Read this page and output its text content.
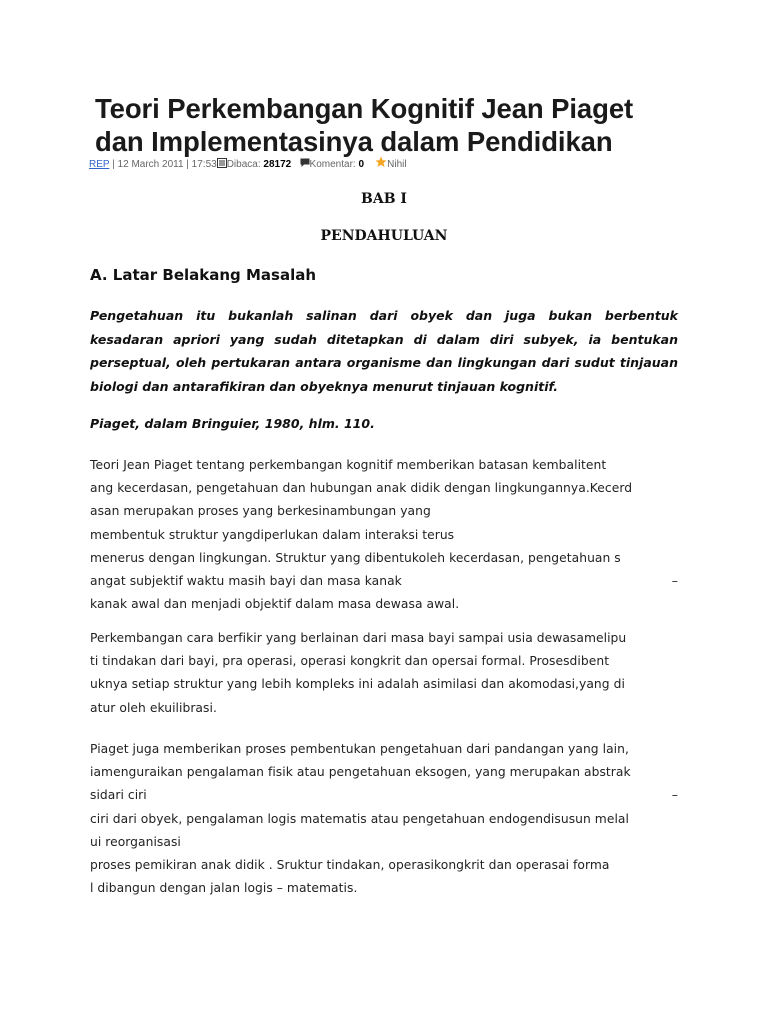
Teori Perkembangan Kognitif Jean Piaget
dan Implementasinya dalam Pendidikan
REP | 12 March 2011 | 17:53 Dibaca: 28172 Komentar: 0 Nihil
BAB I
PENDAHULUAN
A. Latar Belakang Masalah

Pengetahuan itu bukanlah salinan dari obyek dan juga bukan berbentuk kesadaran apriori yang sudah ditetapkan di dalam diri subyek, ia bentukan perseptual, oleh pertukaran antara organisme dan lingkungan dari sudut tinjauan biologi dan antarafikiran dan obyeknya menurut tinjauan kognitif.

Piaget, dalam Bringuier, 1980, hlm. 110.

Teori Jean Piaget tentang perkembangan kognitif memberikan batasan kembalitent
ang kecerdasan, pengetahuan dan hubungan anak didik dengan lingkungannya.Kecerd
asan merupakan proses yang berkesinambungan yang
membentuk struktur yangdiperlukan dalam interaksi terus
menerus dengan lingkungan. Struktur yang dibentukoleh kecerdasan, pengetahuan s
angat subjektif waktu masih bayi dan masa kanak	–
kanak awal dan menjadi objektif dalam masa dewasa awal.
Perkembangan cara berfikir yang berlainan dari masa bayi sampai usia dewasamelipu
ti tindakan dari bayi, pra operasi, operasi kongkrit dan opersai formal. Prosesdibent
uknya setiap struktur yang lebih kompleks ini adalah asimilasi dan akomodasi,yang di
atur oleh ekuilibrasi.
Piaget juga memberikan proses pembentukan pengetahuan dari pandangan yang lain,
iamenguraikan pengalaman fisik atau pengetahuan eksogen, yang merupakan abstrak
sidari ciri	–
ciri dari obyek, pengalaman logis matematis atau pengetahuan endogendisusun melal
ui reorganisasi
proses pemikiran anak didik . Sruktur tindakan, operasikongkrit dan operasai forma
l dibangun dengan jalan logis – matematis.
